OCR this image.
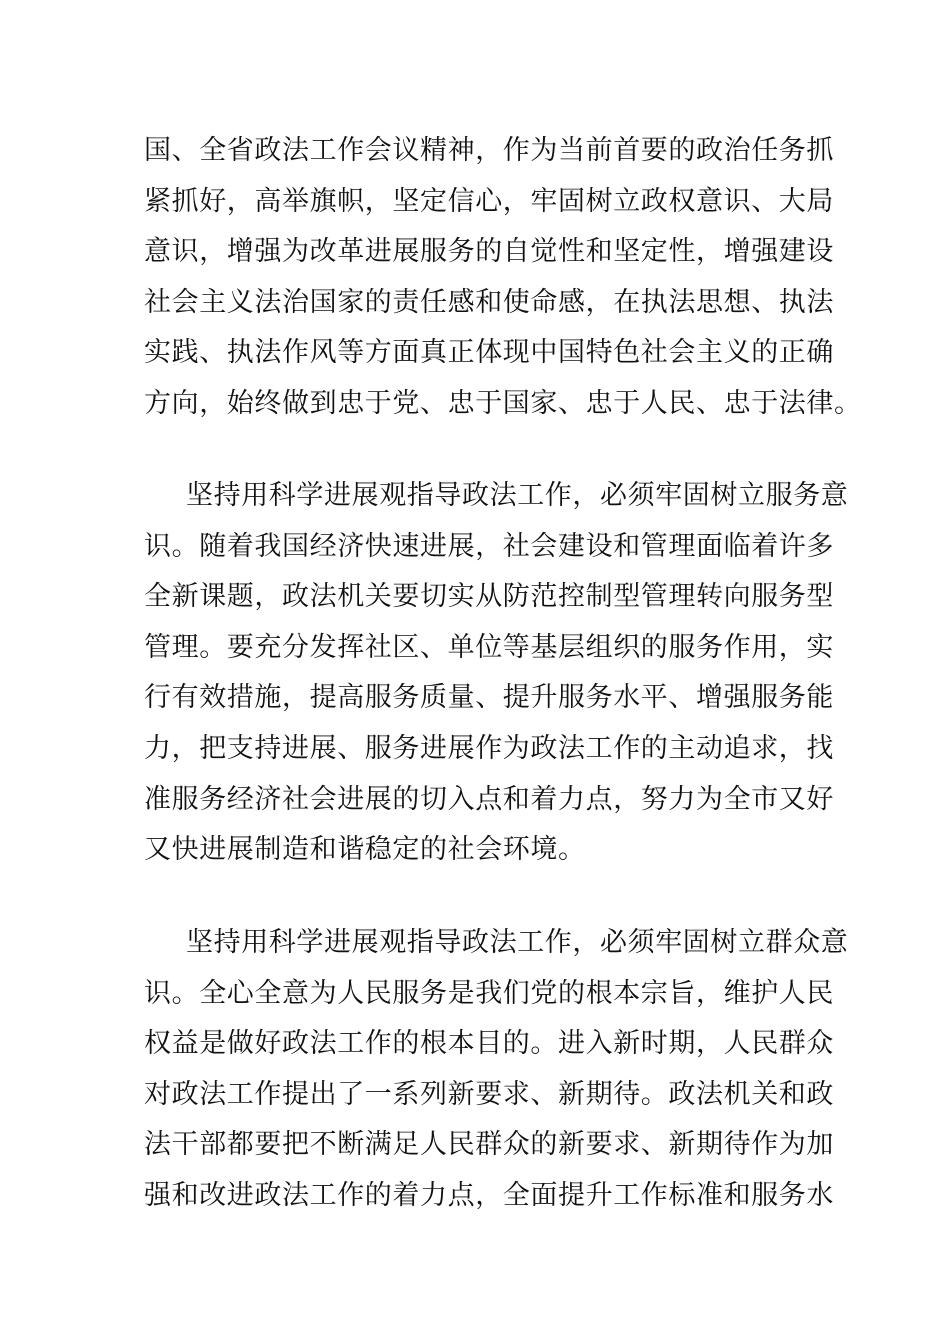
国、全省政法工作会议精神，作为当前首要的政治任务抓
紧抓好，高举旗帜，坚定信心，牢固树立政权意识、大局
意识，增强为改革进展服务的自觉性和坚定性，增强建设
社会主义法治国家的责任感和使命感，在执法思想、执法
实践、执法作风等方面真正体现中国特色社会主义的正确
方向，始终做到忠于党、忠于国家、忠于人民、忠于法律。
坚持用科学进展观指导政法工作，必须牢固树立服务意
识。随着我国经济快速进展，社会建设和管理面临着许多
全新课题，政法机关要切实从防范控制型管理转向服务型
管理。要充分发挥社区、单位等基层组织的服务作用，实
行有效措施，提高服务质量、提升服务水平、增强服务能
力，把支持进展、服务进展作为政法工作的主动追求，找
准服务经济社会进展的切入点和着力点，努力为全市又好
又快进展制造和谐稳定的社会环境。
坚持用科学进展观指导政法工作，必须牢固树立群众意
识。全心全意为人民服务是我们党的根本宗旨，维护人民
权益是做好政法工作的根本目的。进入新时期，人民群众
对政法工作提出了一系列新要求、新期待。政法机关和政
法干部都要把不断满足人民群众的新要求、新期待作为加
强和改进政法工作的着力点，全面提升工作标准和服务水
